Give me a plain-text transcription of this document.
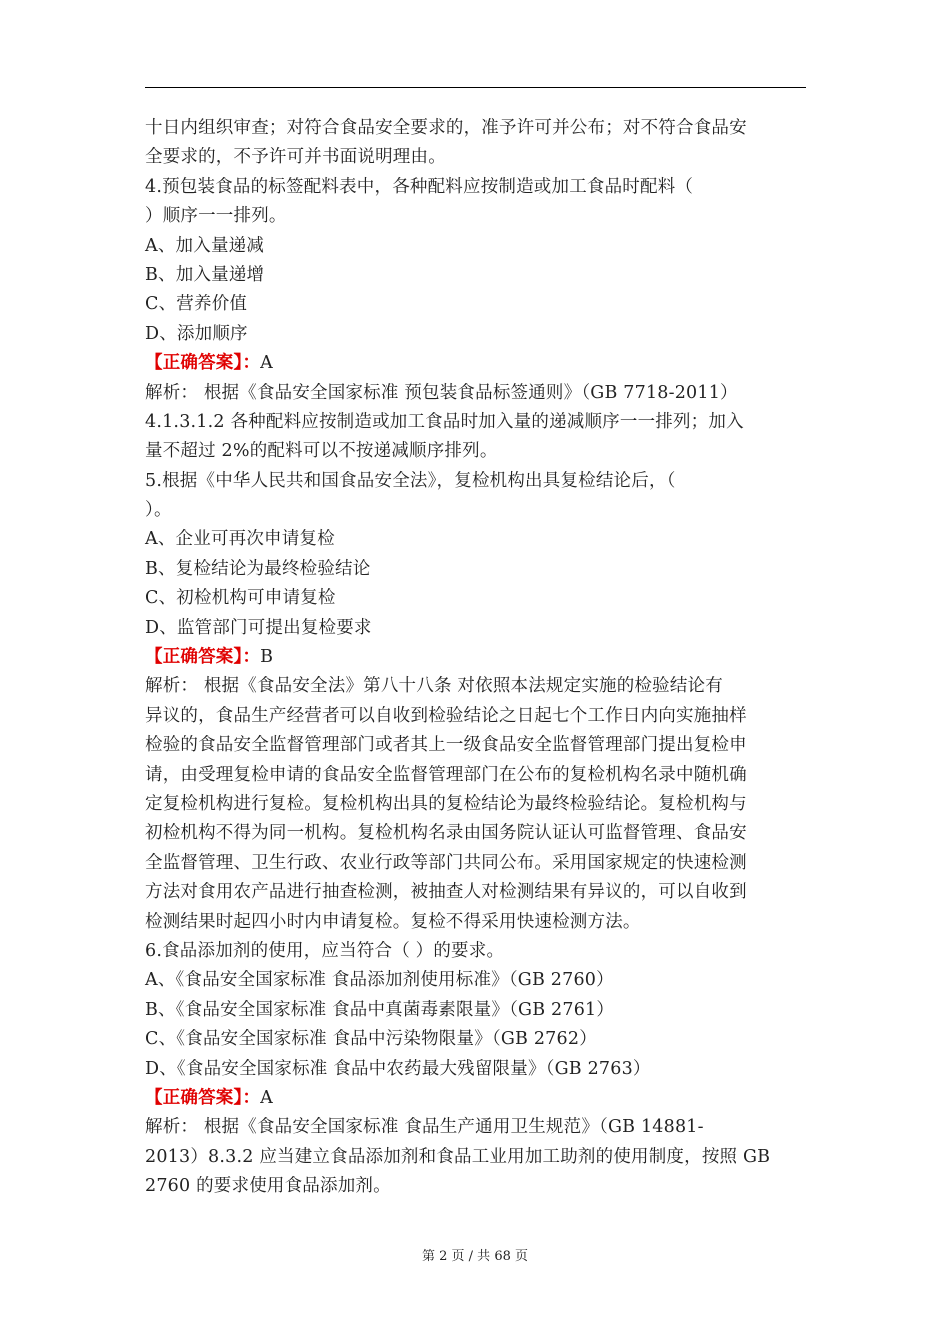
十日内组织审查；对符合食品安全要求的，准予许可并公布；对不符合食品安
全要求的，不予许可并书面说明理由。
4.预包装食品的标签配料表中，各种配料应按制造或加工食品时配料（
）顺序一一排列。
A、加入量递减
B、加入量递增
C、营养价值
D、添加顺序
【正确答案】：A
解析： 根据《食品安全国家标准 预包装食品标签通则》（GB 7718-2011）
4.1.3.1.2 各种配料应按制造或加工食品时加入量的递减顺序一一排列；加入
量不超过 2%的配料可以不按递减顺序排列。
5.根据《中华人民共和国食品安全法》，复检机构出具复检结论后，（
）。
A、企业可再次申请复检
B、复检结论为最终检验结论
C、初检机构可申请复检
D、监管部门可提出复检要求
【正确答案】：B
解析： 根据《食品安全法》第八十八条 对依照本法规定实施的检验结论有
异议的，食品生产经营者可以自收到检验结论之日起七个工作日内向实施抽样
检验的食品安全监督管理部门或者其上一级食品安全监督管理部门提出复检申
请，由受理复检申请的食品安全监督管理部门在公布的复检机构名录中随机确
定复检机构进行复检。复检机构出具的复检结论为最终检验结论。复检机构与
初检机构不得为同一机构。复检机构名录由国务院认证认可监督管理、食品安
全监督管理、卫生行政、农业行政等部门共同公布。采用国家规定的快速检测
方法对食用农产品进行抽查检测，被抽查人对检测结果有异议的，可以自收到
检测结果时起四小时内申请复检。复检不得采用快速检测方法。
6.食品添加剂的使用，应当符合（ ）的要求。
A、《食品安全国家标准 食品添加剂使用标准》（GB 2760）
B、《食品安全国家标准 食品中真菌毒素限量》（GB 2761）
C、《食品安全国家标准 食品中污染物限量》（GB 2762）
D、《食品安全国家标准 食品中农药最大残留限量》（GB 2763）
【正确答案】：A
解析： 根据《食品安全国家标准 食品生产通用卫生规范》（GB 14881-
2013）8.3.2 应当建立食品添加剂和食品工业用加工助剂的使用制度，按照 GB
2760 的要求使用食品添加剂。
第 2 页 / 共 68 页
